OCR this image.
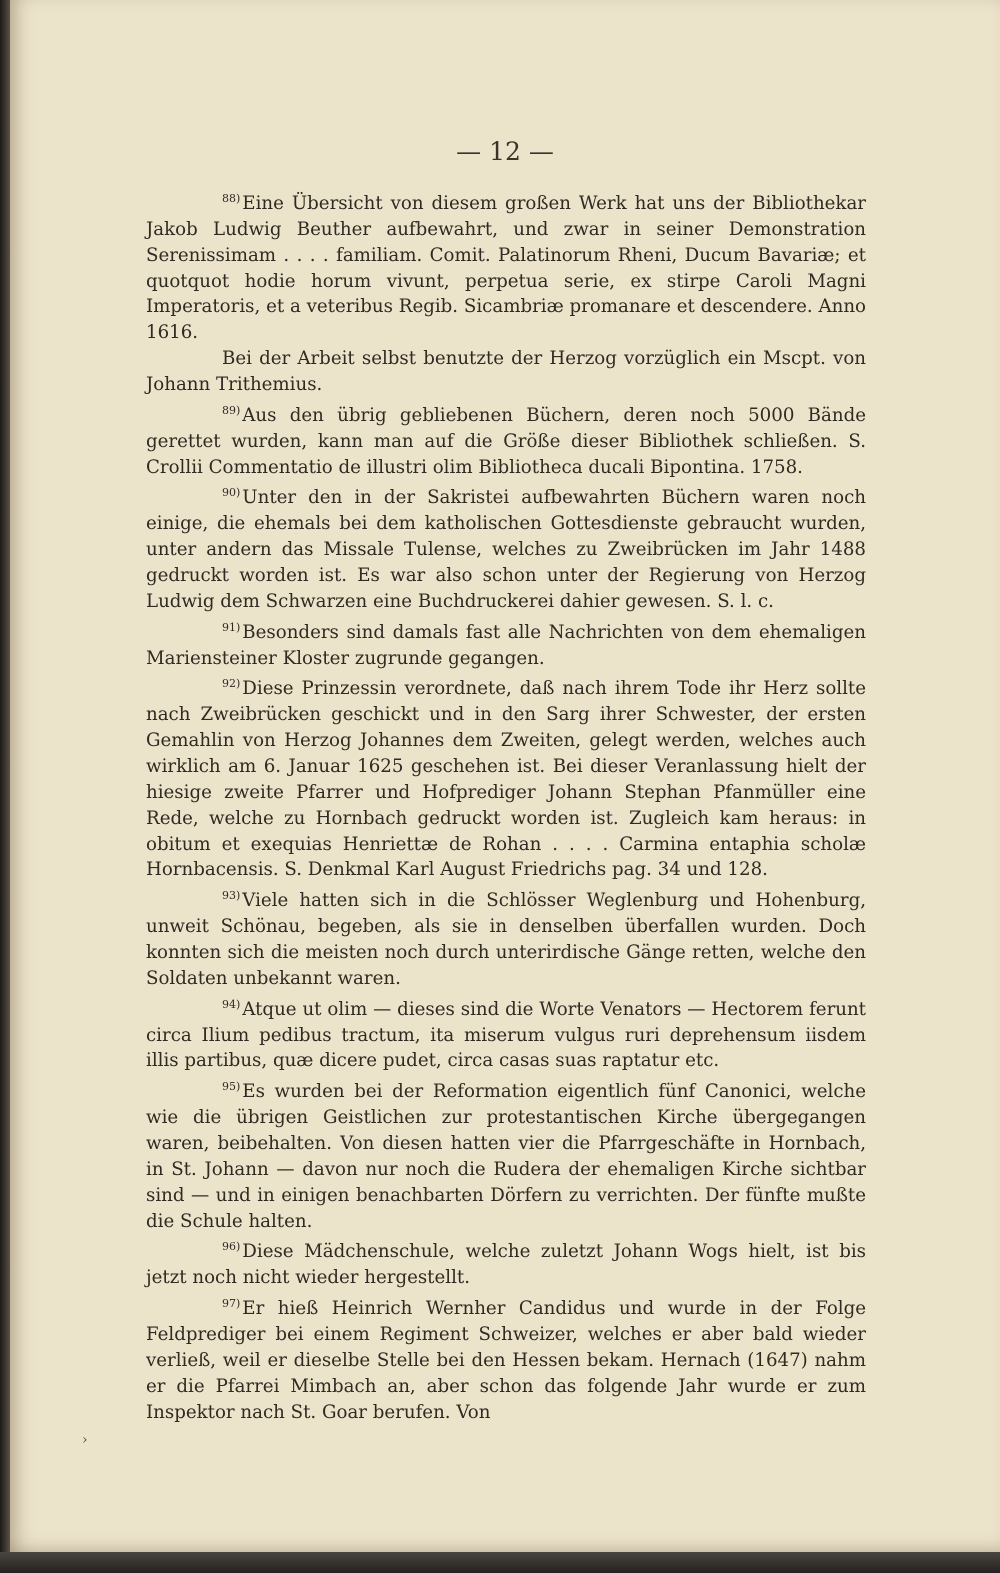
— 12 —

$^{88)}$ Eine Übersicht von diesem großen Werk hat uns der Bibliothekar Jakob Ludwig Beuther aufbewahrt, und zwar in seiner Demonstration Serenissimam . . . . familiam. Comit. Palatinorum Rheni, Ducum Bavariæ; et quotquot hodie horum vivunt, perpetua serie, ex stirpe Caroli Magni Imperatoris, et a veteribus Regib. Sicambriæ promanare et descendere. Anno 1616.

Bei der Arbeit selbst benutzte der Herzog vorzüglich ein Mscpt. von Johann Trithemius.

$^{89)}$ Aus den übrig gebliebenen Büchern, deren noch 5000 Bände gerettet wurden, kann man auf die Größe dieser Bibliothek schließen. S. Crollii Commentatio de illustri olim Bibliotheca ducali Bipontina. 1758.

$^{90)}$ Unter den in der Sakristei aufbewahrten Büchern waren noch einige, die ehemals bei dem katholischen Gottesdienste gebraucht wurden, unter andern das Missale Tulense, welches zu Zweibrücken im Jahr 1488 gedruckt worden ist. Es war also schon unter der Regierung von Herzog Ludwig dem Schwarzen eine Buchdruckerei dahier gewesen. S. l. c.

$^{91)}$ Besonders sind damals fast alle Nachrichten von dem ehemaligen Mariensteiner Kloster zugrunde gegangen.

$^{92)}$ Diese Prinzessin verordnete, daß nach ihrem Tode ihr Herz sollte nach Zweibrücken geschickt und in den Sarg ihrer Schwester, der ersten Gemahlin von Herzog Johannes dem Zweiten, gelegt werden, welches auch wirklich am 6. Januar 1625 geschehen ist. Bei dieser Veranlassung hielt der hiesige zweite Pfarrer und Hofprediger Johann Stephan Pfanmüller eine Rede, welche zu Hornbach gedruckt worden ist. Zugleich kam heraus: in obitum et exequias Henriettæ de Rohan . . . . Carmina entaphia scholæ Hornbacensis. S. Denkmal Karl August Friedrichs pag. 34 und 128.

$^{93)}$ Viele hatten sich in die Schlösser Weglenburg und Hohenburg, unweit Schönau, begeben, als sie in denselben überfallen wurden. Doch konnten sich die meisten noch durch unterirdische Gänge retten, welche den Soldaten unbekannt waren.

$^{94)}$ Atque ut olim — dieses sind die Worte Venators — Hectorem ferunt circa Ilium pedibus tractum, ita miserum vulgus ruri deprehensum iisdem illis partibus, quæ dicere pudet, circa casas suas raptatur etc.

$^{95)}$ Es wurden bei der Reformation eigentlich fünf Canonici, welche wie die übrigen Geistlichen zur protestantischen Kirche übergegangen waren, beibehalten. Von diesen hatten vier die Pfarrgeschäfte in Hornbach, in St. Johann — davon nur noch die Rudera der ehemaligen Kirche sichtbar sind — und in einigen benachbarten Dörfern zu verrichten. Der fünfte mußte die Schule halten.

$^{96)}$ Diese Mädchenschule, welche zuletzt Johann Wogs hielt, ist bis jetzt noch nicht wieder hergestellt.

$^{97)}$ Er hieß Heinrich Wernher Candidus und wurde in der Folge Feldprediger bei einem Regiment Schweizer, welches er aber bald wieder verließ, weil er dieselbe Stelle bei den Hessen bekam. Hernach (1647) nahm er die Pfarrei Mimbach an, aber schon das folgende Jahr wurde er zum Inspektor nach St. Goar berufen. Von

›
